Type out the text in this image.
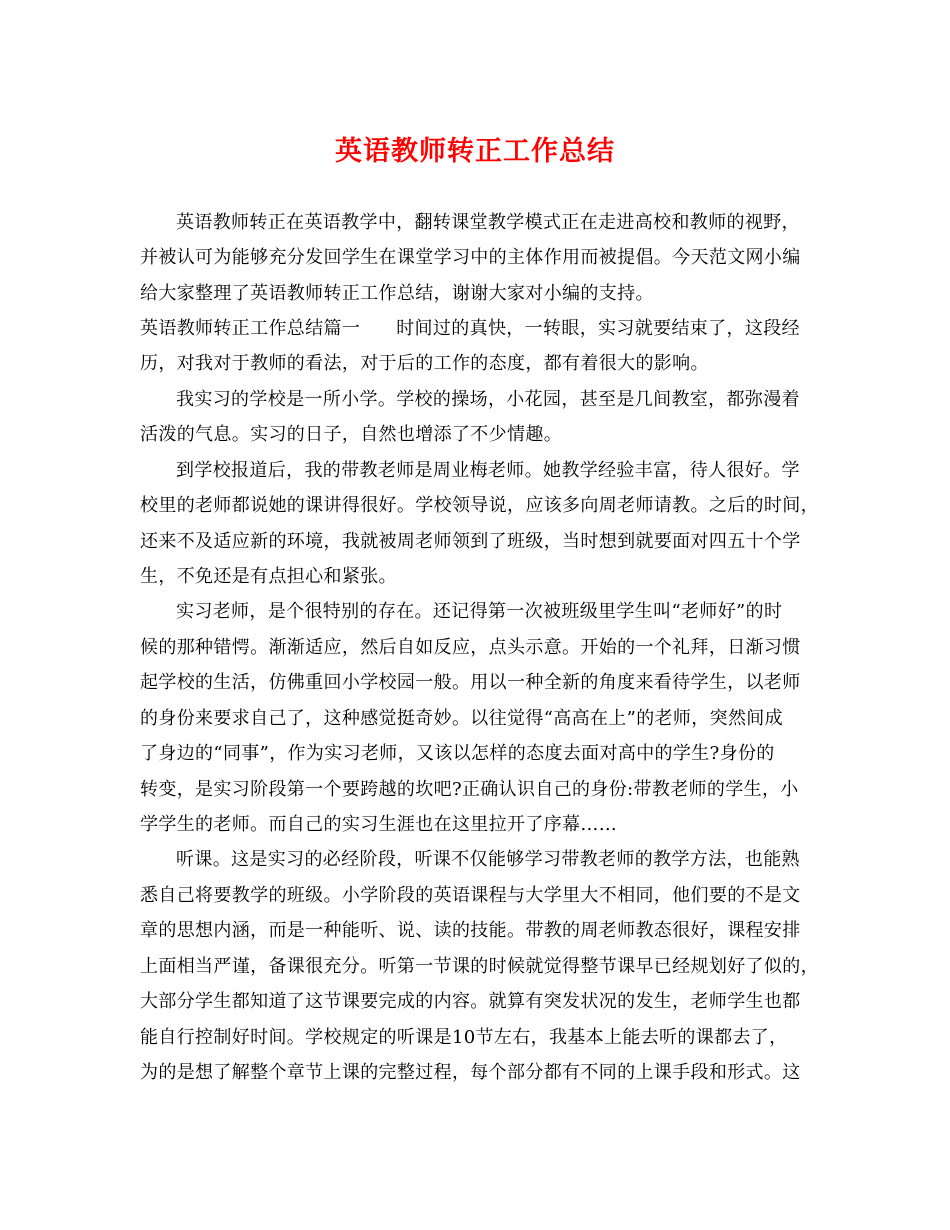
英语教师转正工作总结
英语教师转正在英语教学中，翻转课堂教学模式正在走进高校和教师的视野，
并被认可为能够充分发回学生在课堂学习中的主体作用而被提倡。今天范文网小编
给大家整理了英语教师转正工作总结，谢谢大家对小编的支持。
英语教师转正工作总结篇一 时间过的真快，一转眼，实习就要结束了，这段经
历，对我对于教师的看法，对于后的工作的态度，都有着很大的影响。
我实习的学校是一所小学。学校的操场，小花园，甚至是几间教室，都弥漫着
活泼的气息。实习的日子，自然也增添了不少情趣。
到学校报道后，我的带教老师是周业梅老师。她教学经验丰富，待人很好。学
校里的老师都说她的课讲得很好。学校领导说，应该多向周老师请教。之后的时间，
还来不及适应新的环境，我就被周老师领到了班级，当时想到就要面对四五十个学
生，不免还是有点担心和紧张。
实习老师，是个很特别的存在。还记得第一次被班级里学生叫“老师好”的时
候的那种错愕。渐渐适应，然后自如反应，点头示意。开始的一个礼拜，日渐习惯
起学校的生活，仿佛重回小学校园一般。用以一种全新的角度来看待学生，以老师
的身份来要求自己了，这种感觉挺奇妙。以往觉得“高高在上”的老师，突然间成
了身边的“同事”，作为实习老师，又该以怎样的态度去面对高中的学生?身份的
转变，是实习阶段第一个要跨越的坎吧?正确认识自己的身份:带教老师的学生，小
学学生的老师。而自己的实习生涯也在这里拉开了序幕……
听课。这是实习的必经阶段，听课不仅能够学习带教老师的教学方法，也能熟
悉自己将要教学的班级。小学阶段的英语课程与大学里大不相同，他们要的不是文
章的思想内涵，而是一种能听、说、读的技能。带教的周老师教态很好，课程安排
上面相当严谨，备课很充分。听第一节课的时候就觉得整节课早已经规划好了似的，
大部分学生都知道了这节课要完成的内容。就算有突发状况的发生，老师学生也都
能自行控制好时间。学校规定的听课是10节左右，我基本上能去听的课都去了，
为的是想了解整个章节上课的完整过程，每个部分都有不同的上课手段和形式。这
